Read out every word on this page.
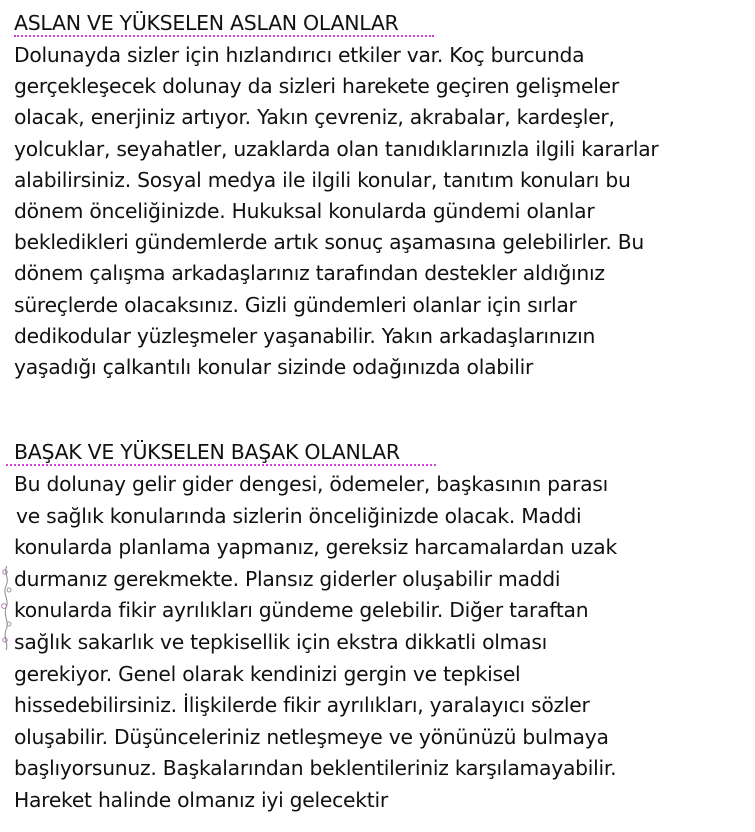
ASLAN VE YÜKSELEN ASLAN OLANLAR

Dolunayda sizler için hızlandırıcı etkiler var. Koç burcunda

gerçekleşecek dolunay da sizleri harekete geçiren gelişmeler

olacak, enerjiniz artıyor. Yakın çevreniz, akrabalar, kardeşler,

yolcuklar, seyahatler, uzaklarda olan tanıdıklarınızla ilgili kararlar

alabilirsiniz. Sosyal medya ile ilgili konular, tanıtım konuları bu

dönem önceliğinizde. Hukuksal konularda gündemi olanlar

bekledikleri gündemlerde artık sonuç aşamasına gelebilirler. Bu

dönem çalışma arkadaşlarınız tarafından destekler aldığınız

süreçlerde olacaksınız. Gizli gündemleri olanlar için sırlar

dedikodular yüzleşmeler yaşanabilir. Yakın arkadaşlarınızın

yaşadığı çalkantılı konular sizinde odağınızda olabilir

BAŞAK VE YÜKSELEN BAŞAK OLANLAR

Bu dolunay gelir gider dengesi, ödemeler, başkasının parası

ve sağlık konularında sizlerin önceliğinizde olacak. Maddi

konularda planlama yapmanız, gereksiz harcamalardan uzak

durmanız gerekmekte. Plansız giderler oluşabilir maddi

konularda fikir ayrılıkları gündeme gelebilir. Diğer taraftan

sağlık sakarlık ve tepkisellik için ekstra dikkatli olması

gerekiyor. Genel olarak kendinizi gergin ve tepkisel

hissedebilirsiniz. İlişkilerde fikir ayrılıkları, yaralayıcı sözler

oluşabilir. Düşünceleriniz netleşmeye ve yönünüzü bulmaya

başlıyorsunuz. Başkalarından beklentileriniz karşılamayabilir.

Hareket halinde olmanız iyi gelecektir
